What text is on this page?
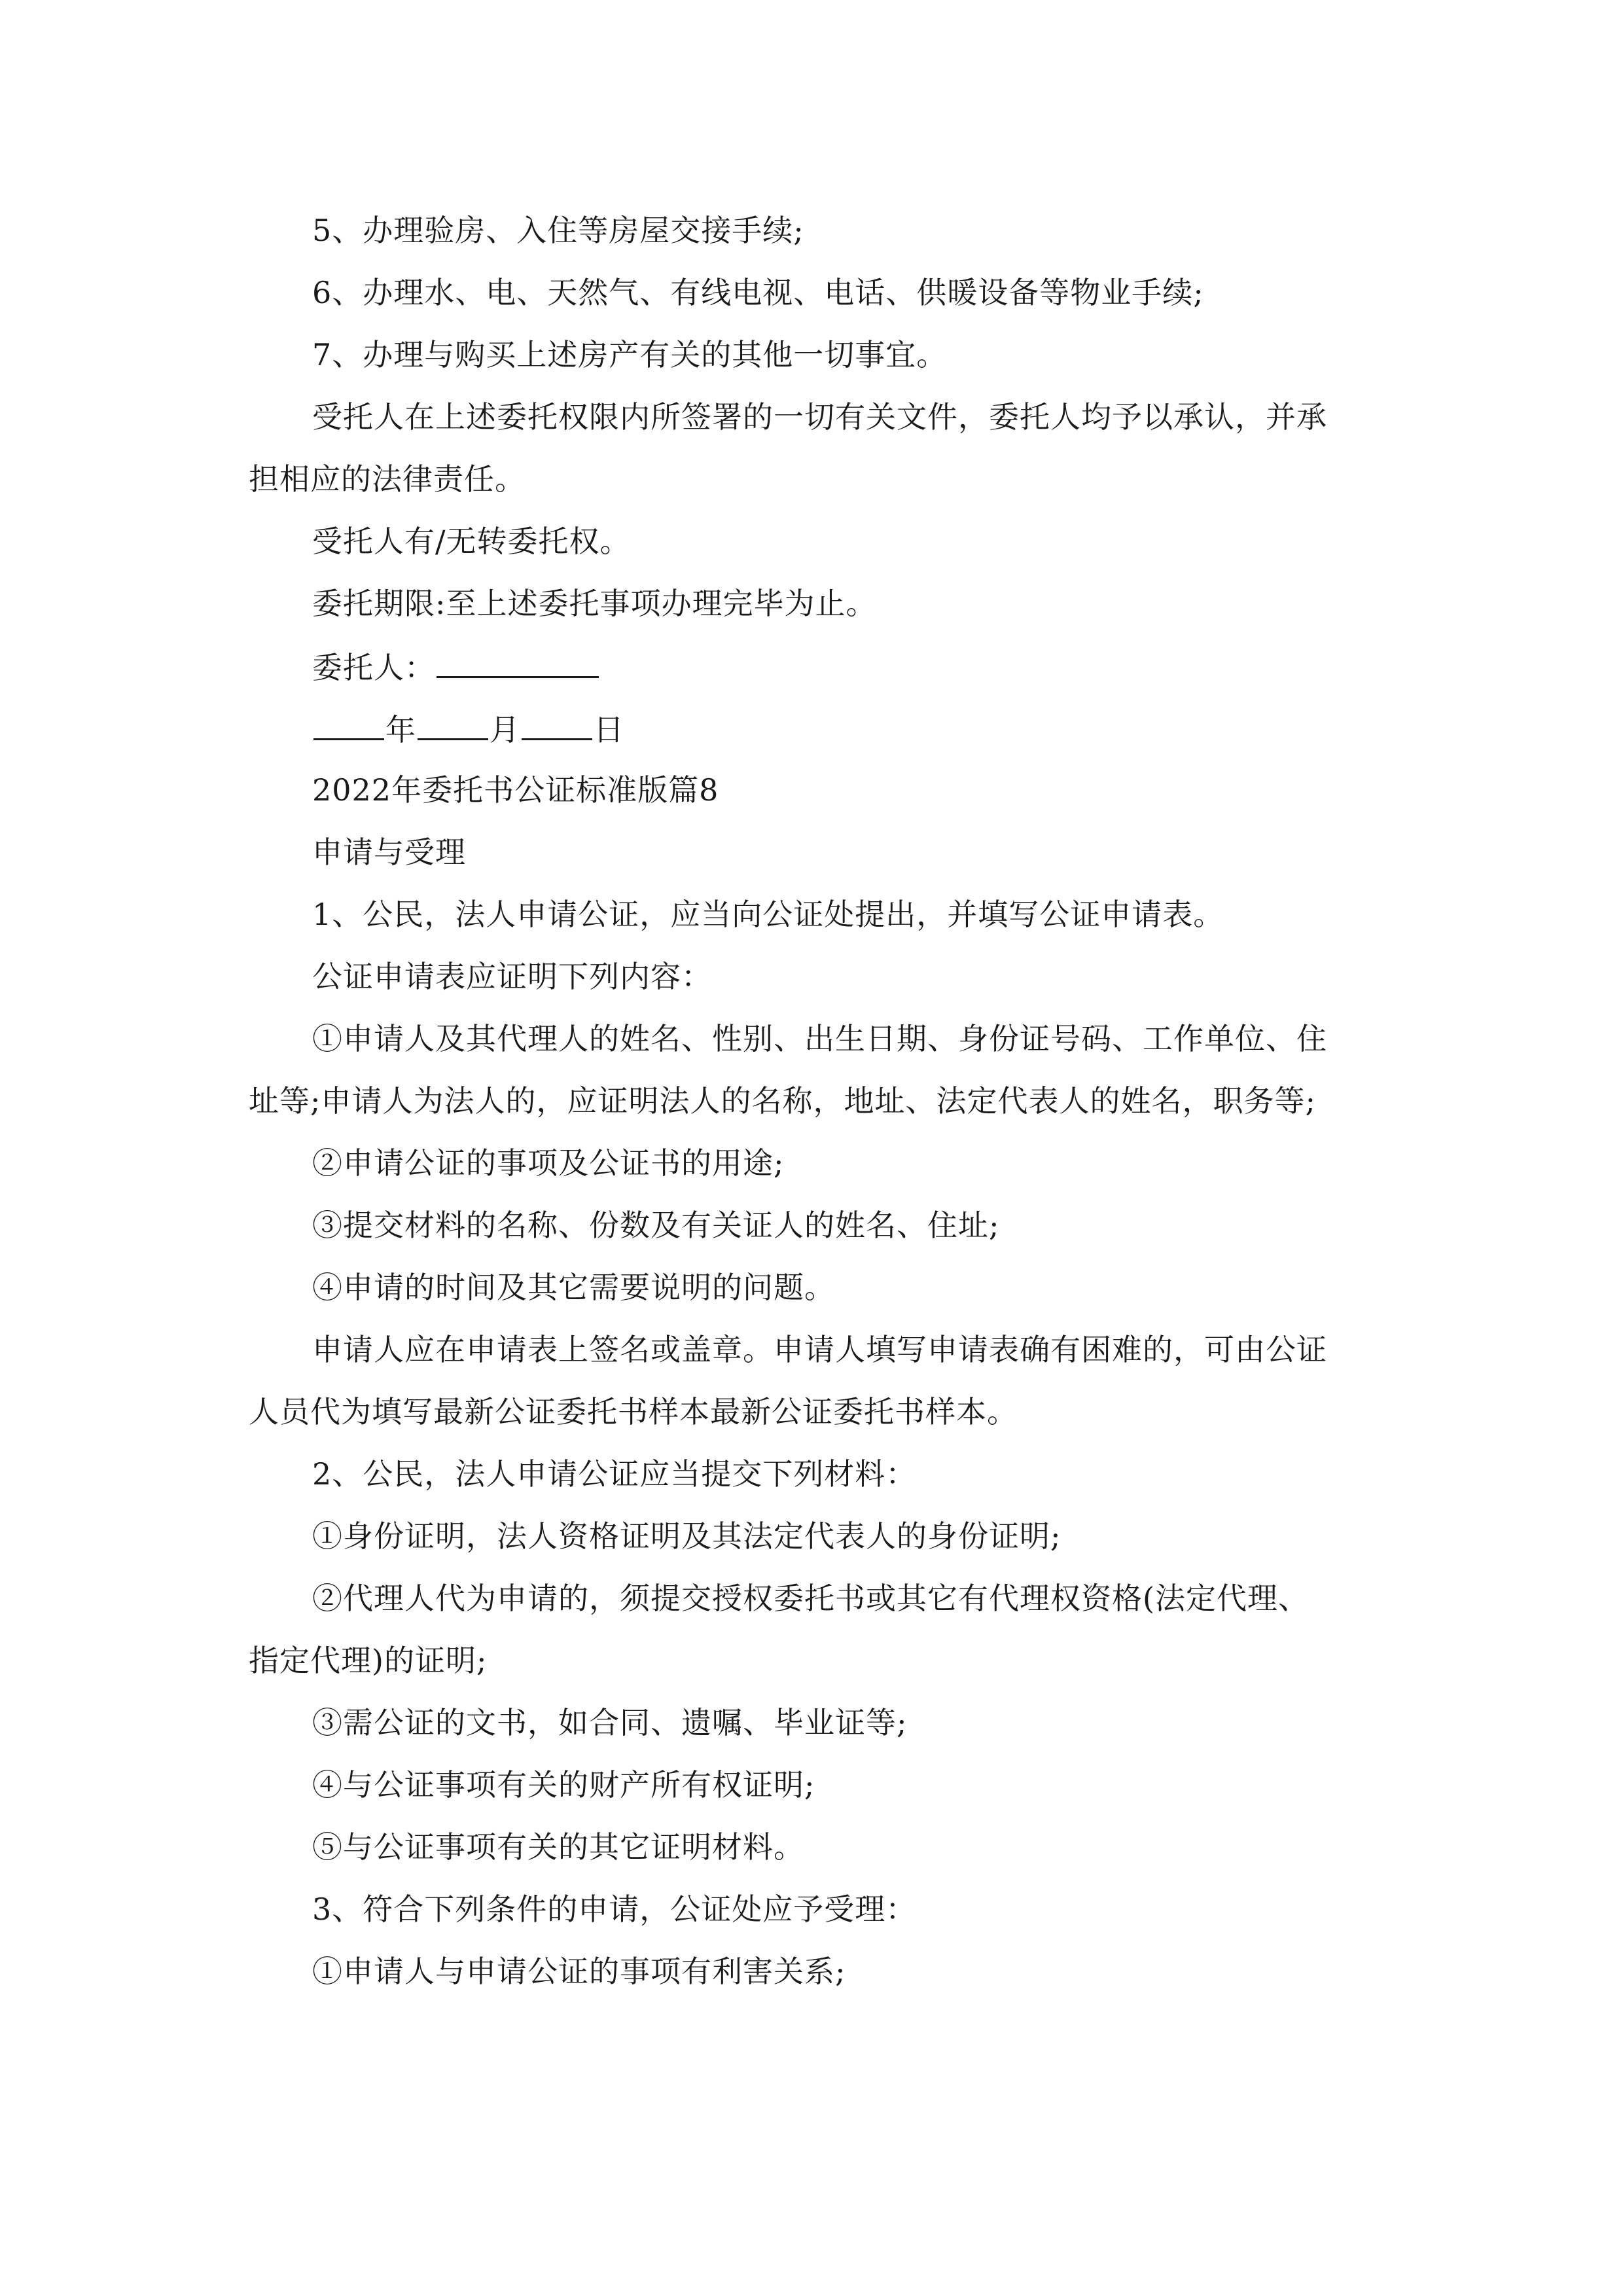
5、办理验房、入住等房屋交接手续;
6、办理水、电、天然气、有线电视、电话、供暖设备等物业手续;
7、办理与购买上述房产有关的其他一切事宜。
受托人在上述委托权限内所签署的一切有关文件，委托人均予以承认，并承
担相应的法律责任。
受托人有/无转委托权。
委托期限:至上述委托事项办理完毕为止。
委托人：
年 月 日
2022年委托书公证标准版篇8
申请与受理
1、公民，法人申请公证，应当向公证处提出，并填写公证申请表。
公证申请表应证明下列内容：
①申请人及其代理人的姓名、性别、出生日期、身份证号码、工作单位、住
址等;申请人为法人的，应证明法人的名称，地址、法定代表人的姓名，职务等;
②申请公证的事项及公证书的用途;
③提交材料的名称、份数及有关证人的姓名、住址;
④申请的时间及其它需要说明的问题。
申请人应在申请表上签名或盖章。申请人填写申请表确有困难的，可由公证
人员代为填写最新公证委托书样本最新公证委托书样本。
2、公民，法人申请公证应当提交下列材料：
①身份证明，法人资格证明及其法定代表人的身份证明;
②代理人代为申请的，须提交授权委托书或其它有代理权资格(法定代理、
指定代理)的证明;
③需公证的文书，如合同、遗嘱、毕业证等;
④与公证事项有关的财产所有权证明;
⑤与公证事项有关的其它证明材料。
3、符合下列条件的申请，公证处应予受理：
①申请人与申请公证的事项有利害关系;
